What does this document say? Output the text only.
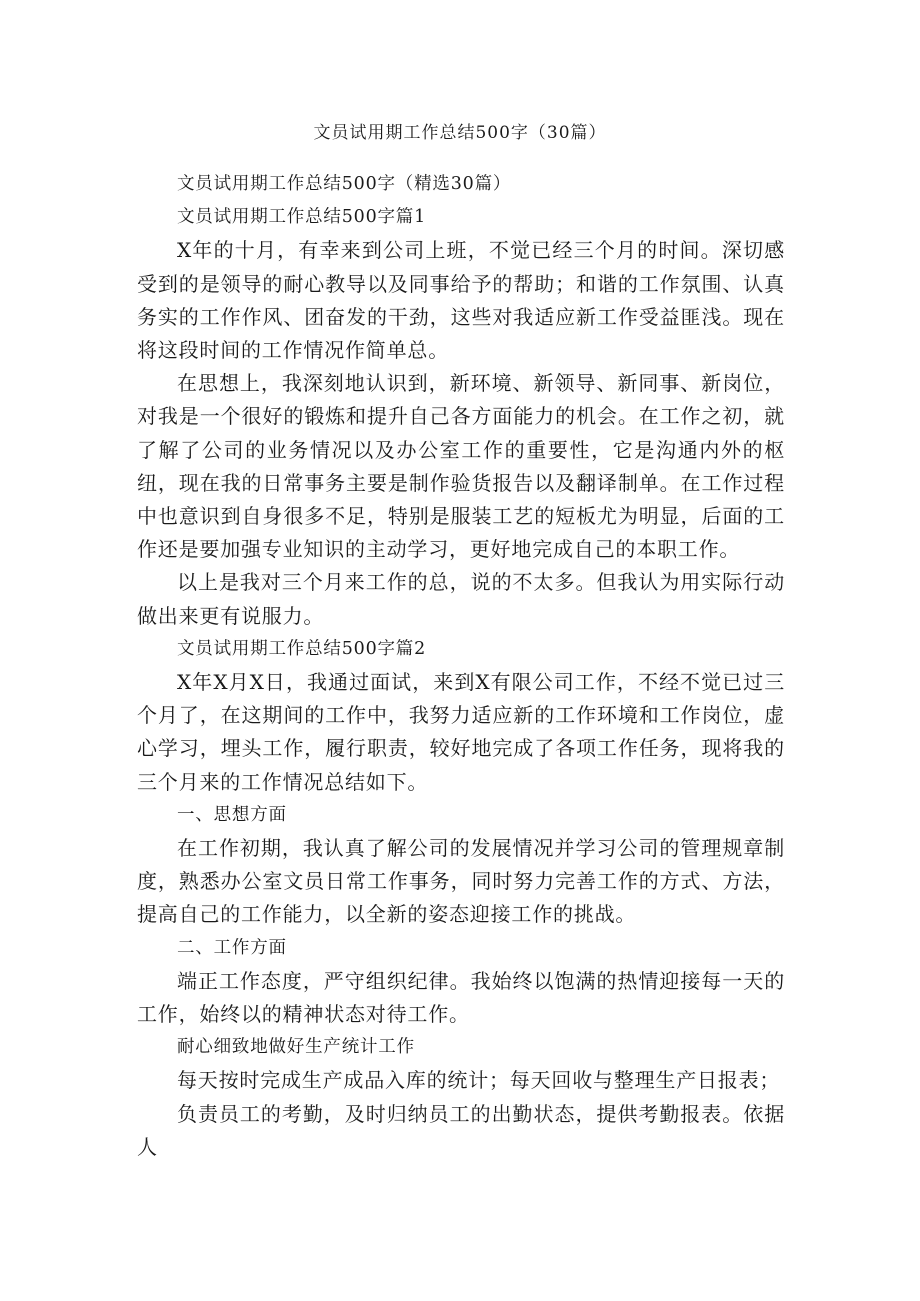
文员试用期工作总结500字（30篇）

文员试用期工作总结500字（精选30篇）

文员试用期工作总结500字篇1

X年的十月，有幸来到公司上班，不觉已经三个月的时间。深切感受到的是领导的耐心教导以及同事给予的帮助；和谐的工作氛围、认真务实的工作作风、团奋发的干劲，这些对我适应新工作受益匪浅。现在将这段时间的工作情况作简单总。

在思想上，我深刻地认识到，新环境、新领导、新同事、新岗位，对我是一个很好的锻炼和提升自己各方面能力的机会。在工作之初，就了解了公司的业务情况以及办公室工作的重要性，它是沟通内外的枢纽，现在我的日常事务主要是制作验货报告以及翻译制单。在工作过程中也意识到自身很多不足，特别是服装工艺的短板尤为明显，后面的工作还是要加强专业知识的主动学习，更好地完成自己的本职工作。

以上是我对三个月来工作的总，说的不太多。但我认为用实际行动做出来更有说服力。

文员试用期工作总结500字篇2

X年X月X日，我通过面试，来到X有限公司工作，不经不觉已过三个月了，在这期间的工作中，我努力适应新的工作环境和工作岗位，虚心学习，埋头工作，履行职责，较好地完成了各项工作任务，现将我的三个月来的工作情况总结如下。

一、思想方面

在工作初期，我认真了解公司的发展情况并学习公司的管理规章制度，熟悉办公室文员日常工作事务，同时努力完善工作的方式、方法，提高自己的工作能力，以全新的姿态迎接工作的挑战。

二、工作方面

端正工作态度，严守组织纪律。我始终以饱满的热情迎接每一天的工作，始终以的精神状态对待工作。

耐心细致地做好生产统计工作

每天按时完成生产成品入库的统计；每天回收与整理生产日报表；

负责员工的考勤，及时归纳员工的出勤状态，提供考勤报表。依据人
